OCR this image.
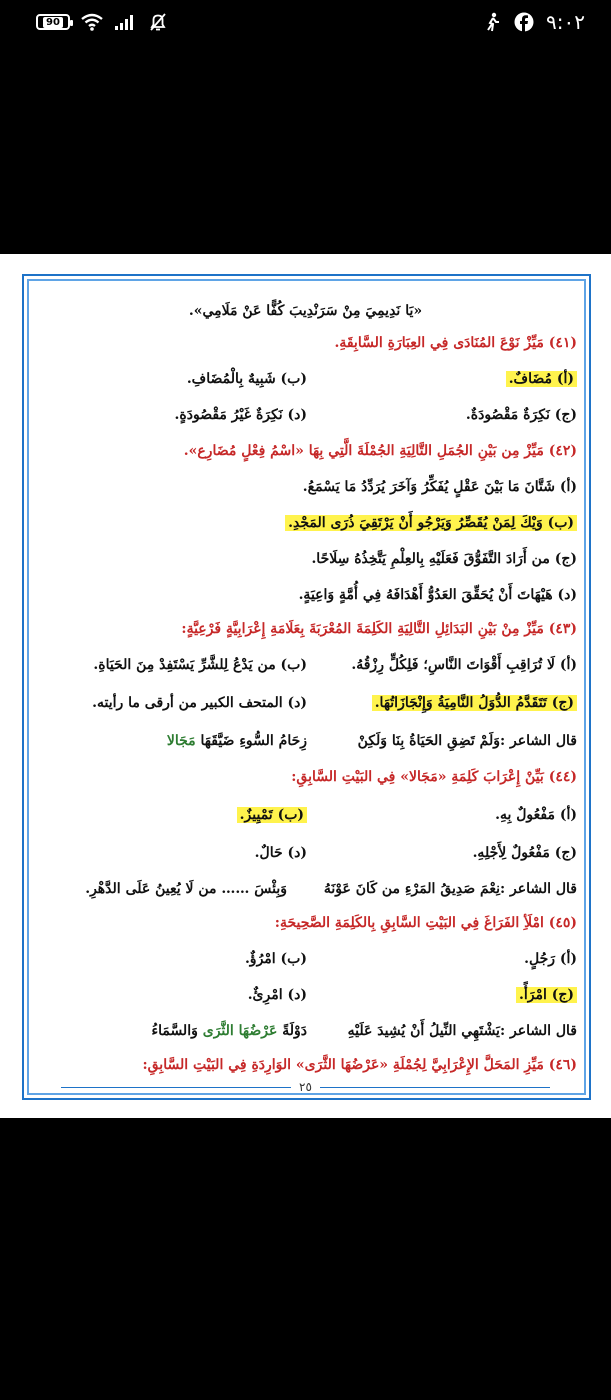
90	٩:٠٢
«يَا نَدِيمِيَ مِنْ سَرَنْدِيبَ كُفًّا عَنْ مَلَامِي».
(٤١) مَيِّزْ نَوْعَ المُنَادَى فِي العِبَارَةِ السَّابِقَةِ.
(أ) مُضَافٌ.
(ب) شَبِيهٌ بِالْمُضَافِ.
(ج) نَكِرَةٌ مَقْصُودَةٌ.
(د) نَكِرَةٌ غَيْرُ مَقْصُودَةٍ.
(٤٢) مَيِّزْ مِن بَيْنِ الجُمَلِ التَّالِيَةِ الجُمْلَةَ الَّتِي بِهَا «اسْمُ فِعْلٍ مُضَارِع».
(أ) شَتَّانَ مَا بَيْنَ عَقْلٍ يُفَكِّرُ وَآخَرَ يُرَدِّدُ مَا يَسْمَعُ.
(ب) وَيْكَ لِمَنْ يُقَصِّرُ وَيَرْجُو أَنْ يَرْتَقِيَ ذُرَى المَجْدِ.
(ج) من أَرَادَ التَّفَوُّقَ فَعَلَيْهِ بِالعِلْمِ يَتَّخِذُهُ سِلَاحًا.
(د) هَيْهَاتَ أَنْ يُحَقِّقَ العَدُوُّ أَهْدَافَهُ فِي أُمَّةٍ وَاعِيَةٍ.
(٤٣) مَيِّزْ مِنْ بَيْنِ البَدَائِلِ التَّالِيَةِ الكَلِمَةَ المُعْرَبَةَ بِعَلَامَةِ إِعْرَابِيَّةٍ فَرْعِيَّةٍ:
(أ) لَا تُرَاقِبِ أَقْوَاتَ النَّاسِ؛ فَلِكُلٍّ رِزْقُهُ.
(ب) من يَدْعُ لِلشَّرِّ يَسْتَفِدْ مِنَ الحَيَاةِ.
(ج) تَتَقَدَّمُ الدُّوَلُ النَّامِيَةُ وَإِنْجَازَاتُهَا.
(د) المتحف الكبير من أرقى ما رأيته.
قال الشاعر :وَلَمْ تَضِقِ الحَيَاةُ بِنَا وَلَكِنْ
زِحَامُ السُّوءِ ضَيَّقَهَا مَجَالا
(٤٤) بَيِّنْ إِعْرَابَ كَلِمَةِ «مَجَالا» فِي البَيْتِ السَّابِقِ:
(أ) مَفْعُولٌ بِهِ.
(ب) تَمْيِيزٌ.
(ج) مَفْعُولٌ لِأَجْلِهِ.
(د) حَالٌ.
قال الشاعر :نِعْمَ صَدِيقُ المَرْءِ من كَانَ عَوْنَهُ
وَبِئْسَ …… من لَا يُعِينُ عَلَى الدَّهْرِ.
(٤٥) امْلَأِ الفَرَاغَ فِي البَيْتِ السَّابِقِ بِالكَلِمَةِ الصَّحِيحَةِ:
(أ) رَجُلٍ.
(ب) امْرُؤٌ.
(ج) امْرَأً.
(د) امْرِئٌ.
قال الشاعر :يَشْتَهِي النِّيلُ أَنْ يُشِيدَ عَلَيْهِ
دَوْلَةً عَرْضُهَا الثَّرَى وَالسَّمَاءُ
(٤٦) مَيِّزِ المَحَلَّ الإِعْرَابِيَّ لِجُمْلَةِ «عَرْضُهَا الثَّرَى» الوَارِدَةِ فِي البَيْتِ السَّابِقِ:
٢٥
